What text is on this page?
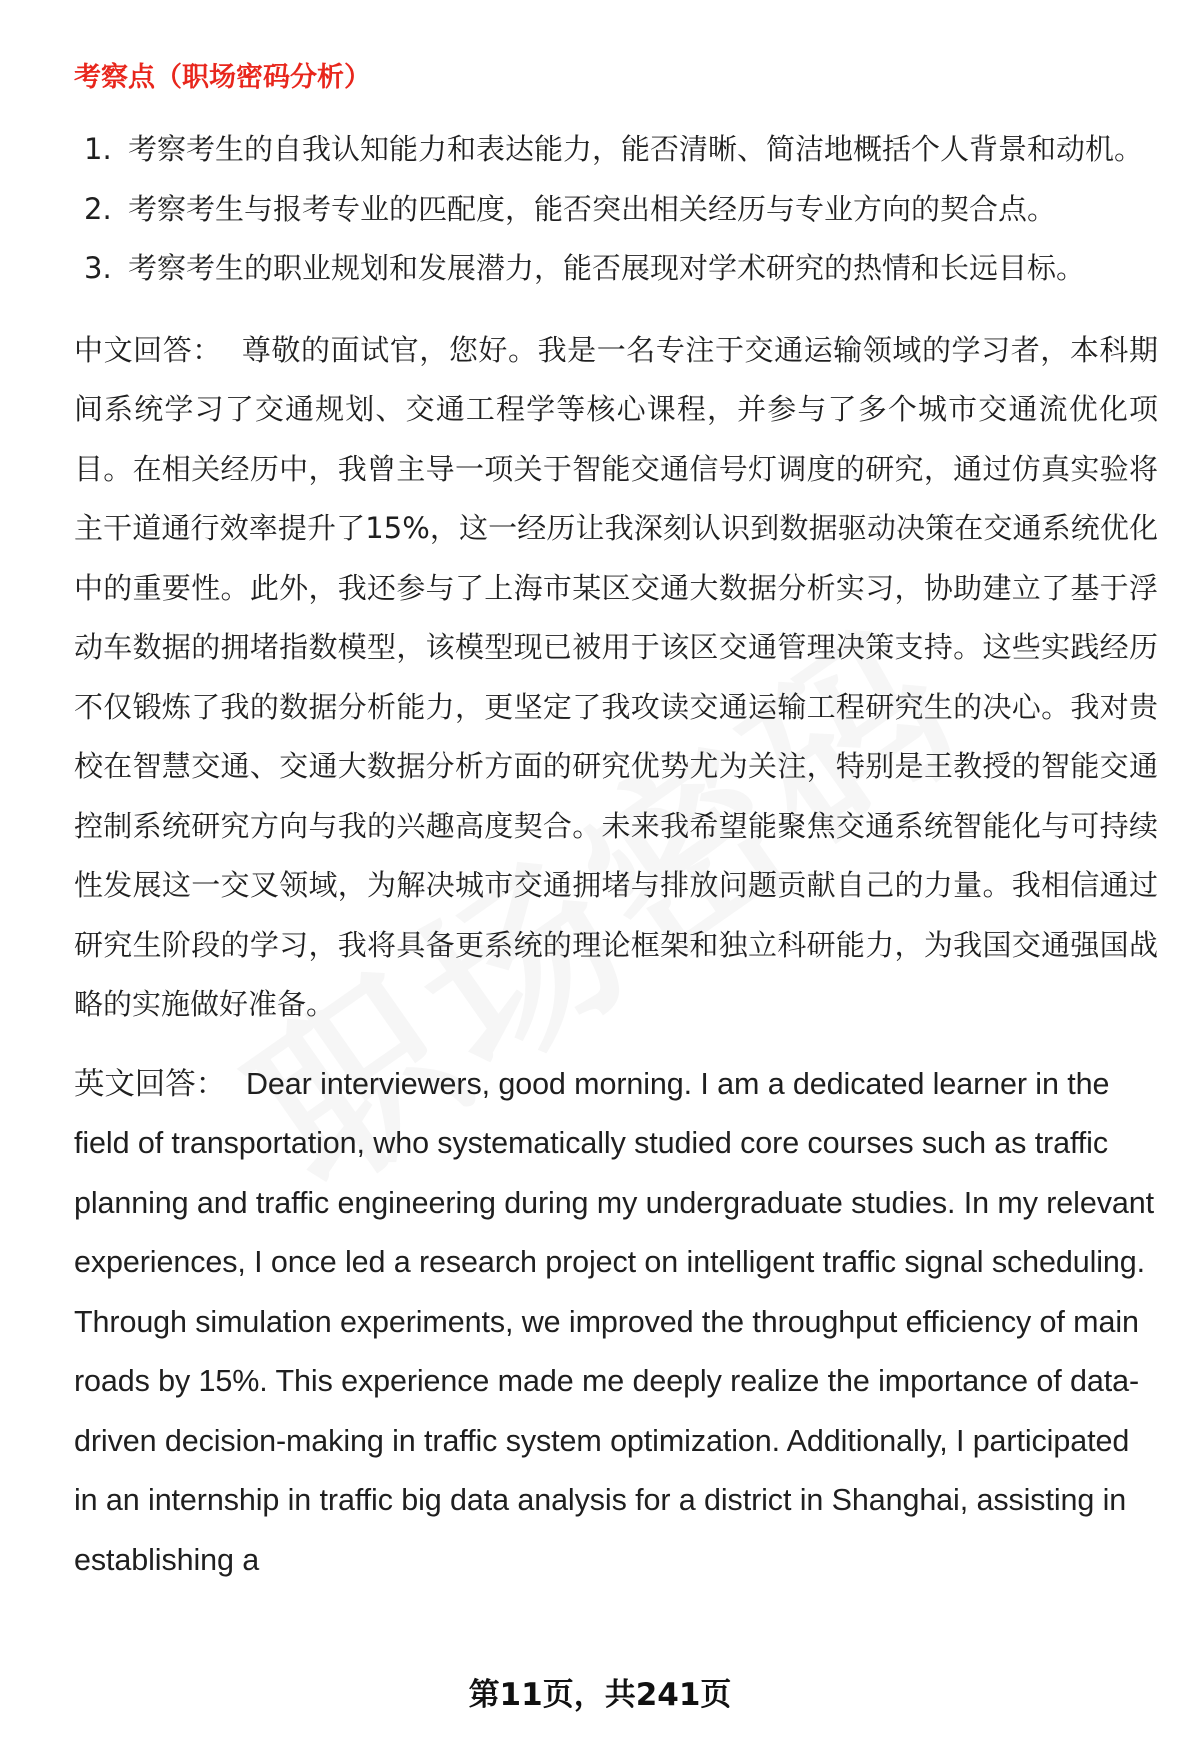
考察点（职场密码分析）
1. 考察考生的自我认知能力和表达能力，能否清晰、简洁地概括个人背景和动机。
2. 考察考生与报考专业的匹配度，能否突出相关经历与专业方向的契合点。
3. 考察考生的职业规划和发展潜力，能否展现对学术研究的热情和长远目标。

中文回答： 尊敬的面试官，您好。我是一名专注于交通运输领域的学习者，本科期间系统学习了交通规划、交通工程学等核心课程，并参与了多个城市交通流优化项目。在相关经历中，我曾主导一项关于智能交通信号灯调度的研究，通过仿真实验将主干道通行效率提升了15%，这一经历让我深刻认识到数据驱动决策在交通系统优化中的重要性。此外，我还参与了上海市某区交通大数据分析实习，协助建立了基于浮动车数据的拥堵指数模型，该模型现已被用于该区交通管理决策支持。这些实践经历不仅锻炼了我的数据分析能力，更坚定了我攻读交通运输工程研究生的决心。我对贵校在智慧交通、交通大数据分析方面的研究优势尤为关注，特别是王教授的智能交通控制系统研究方向与我的兴趣高度契合。未来我希望能聚焦交通系统智能化与可持续性发展这一交叉领域，为解决城市交通拥堵与排放问题贡献自己的力量。我相信通过研究生阶段的学习，我将具备更系统的理论框架和独立科研能力，为我国交通强国战略的实施做好准备。

英文回答： Dear interviewers, good morning. I am a dedicated learner in the field of transportation, who systematically studied core courses such as traffic planning and traffic engineering during my undergraduate studies. In my relevant experiences, I once led a research project on intelligent traffic signal scheduling. Through simulation experiments, we improved the throughput efficiency of main roads by 15%. This experience made me deeply realize the importance of data-driven decision-making in traffic system optimization. Additionally, I participated in an internship in traffic big data analysis for a district in Shanghai, assisting in establishing a

第11页，共241页
